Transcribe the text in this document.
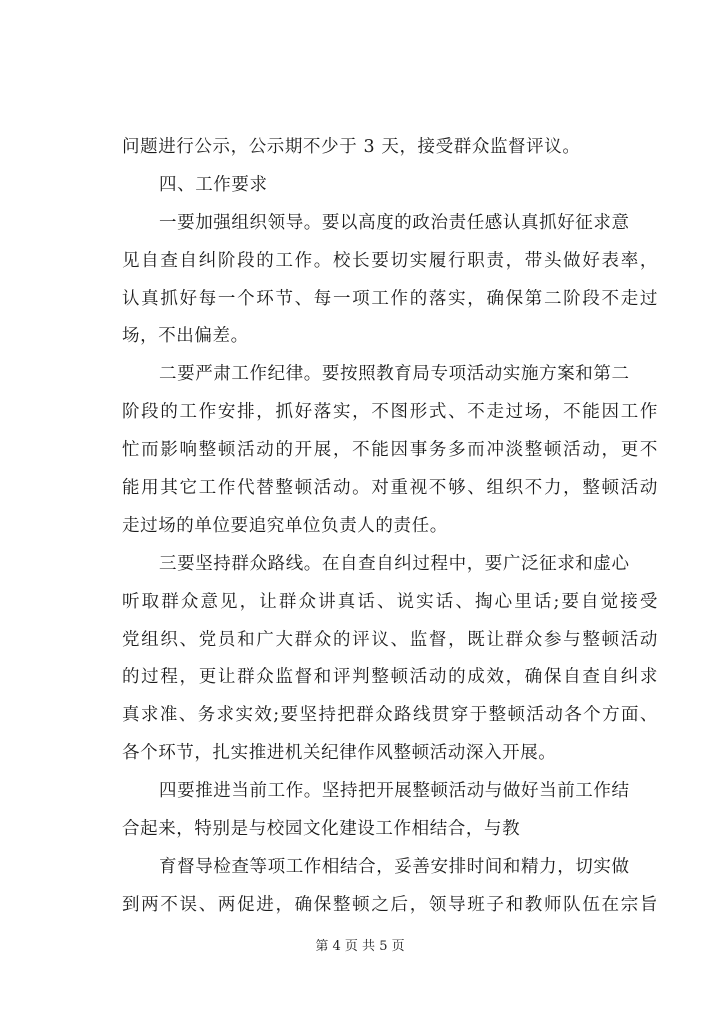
问题进行公示，公示期不少于 3 天，接受群众监督评议。
四、工作要求
一要加强组织领导。要以高度的政治责任感认真抓好征求意
见自查自纠阶段的工作。校长要切实履行职责，带头做好表率，
认真抓好每一个环节、每一项工作的落实，确保第二阶段不走过
场，不出偏差。
二要严肃工作纪律。要按照教育局专项活动实施方案和第二
阶段的工作安排，抓好落实，不图形式、不走过场，不能因工作
忙而影响整顿活动的开展，不能因事务多而冲淡整顿活动，更不
能用其它工作代替整顿活动。对重视不够、组织不力，整顿活动
走过场的单位要追究单位负责人的责任。
三要坚持群众路线。在自查自纠过程中，要广泛征求和虚心
听取群众意见，让群众讲真话、说实话、掏心里话;要自觉接受
党组织、党员和广大群众的评议、监督，既让群众参与整顿活动
的过程，更让群众监督和评判整顿活动的成效，确保自查自纠求
真求准、务求实效;要坚持把群众路线贯穿于整顿活动各个方面、
各个环节，扎实推进机关纪律作风整顿活动深入开展。
四要推进当前工作。坚持把开展整顿活动与做好当前工作结
合起来，特别是与校园文化建设工作相结合，与教
育督导检查等项工作相结合，妥善安排时间和精力，切实做
到两不误、两促进，确保整顿之后，领导班子和教师队伍在宗旨
第 4 页 共 5 页
